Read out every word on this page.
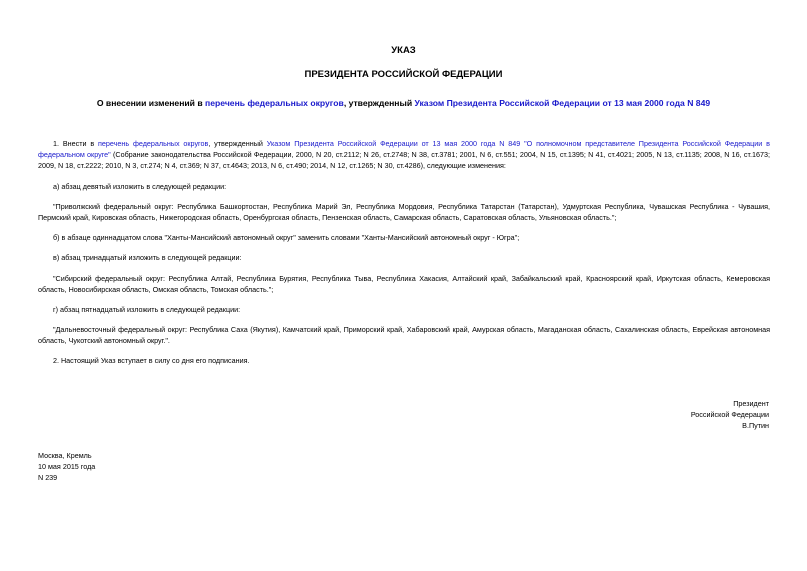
УКАЗ
ПРЕЗИДЕНТА РОССИЙСКОЙ ФЕДЕРАЦИИ
О внесении изменений в перечень федеральных округов, утвержденный Указом Президента Российской Федерации от 13 мая 2000 года N 849
1. Внести в перечень федеральных округов, утвержденный Указом Президента Российской Федерации от 13 мая 2000 года N 849 "О полномочном представителе Президента Российской Федерации в федеральном округе" (Собрание законодательства Российской Федерации, 2000, N 20, ст.2112; N 26, ст.2748; N 38, ст.3781; 2001, N 6, ст.551; 2004, N 15, ст.1395; N 41, ст.4021; 2005, N 13, ст.1135; 2008, N 16, ст.1673; 2009, N 18, ст.2222; 2010, N 3, ст.274; N 4, ст.369; N 37, ст.4643; 2013, N 6, ст.490; 2014, N 12, ст.1265; N 30, ст.4286), следующие изменения:
а) абзац девятый изложить в следующей редакции:
"Приволжский федеральный округ: Республика Башкортостан, Республика Марий Эл, Республика Мордовия, Республика Татарстан (Татарстан), Удмуртская Республика, Чувашская Республика - Чувашия, Пермский край, Кировская область, Нижегородская область, Оренбургская область, Пензенская область, Самарская область, Саратовская область, Ульяновская область.";
б) в абзаце одиннадцатом слова "Ханты-Мансийский автономный округ" заменить словами "Ханты-Мансийский автономный округ - Югра";
в) абзац тринадцатый изложить в следующей редакции:
"Сибирский федеральный округ: Республика Алтай, Республика Бурятия, Республика Тыва, Республика Хакасия, Алтайский край, Забайкальский край, Красноярский край, Иркутская область, Кемеровская область, Новосибирская область, Омская область, Томская область.";
г) абзац пятнадцатый изложить в следующей редакции:
"Дальневосточный федеральный округ: Республика Саха (Якутия), Камчатский край, Приморский край, Хабаровский край, Амурская область, Магаданская область, Сахалинская область, Еврейская автономная область, Чукотский автономный округ.".
2. Настоящий Указ вступает в силу со дня его подписания.
Президент
Российской Федерации
В.Путин
Москва, Кремль
10 мая 2015 года
N 239
